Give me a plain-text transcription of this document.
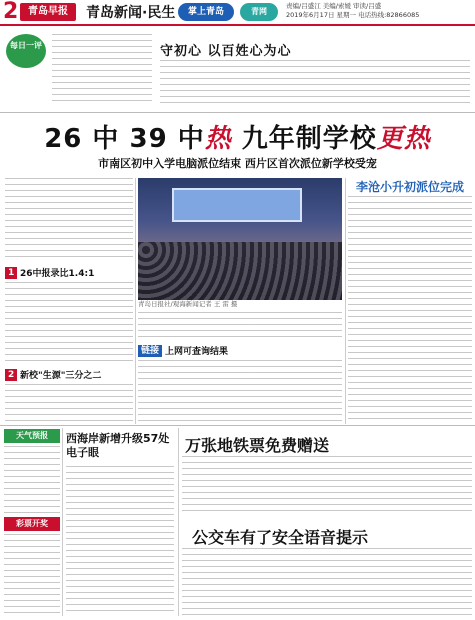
2 青岛早报	青岛新闻·民生	掌上青岛	青网
责编/吕盛江 美编/索媛 审读/吕盛
2019年6月17日 星期一 电话热线:82866085
每日一评	守初心 以百姓心为心
26 中 39 中热 九年制学校更热
市南区初中入学电脑派位结束 西片区首次派位新学校受宠
1 26中报录比1.4:1
2 新校"生源"三分之二
青岛日报社/观海新闻记者 王 雷 摄
链接 上网可查询结果
李沧小升初派位完成
天气预报
彩票开奖
西海岸新增升级57处电子眼	万张地铁票免费赠送
公交车有了安全语音提示
